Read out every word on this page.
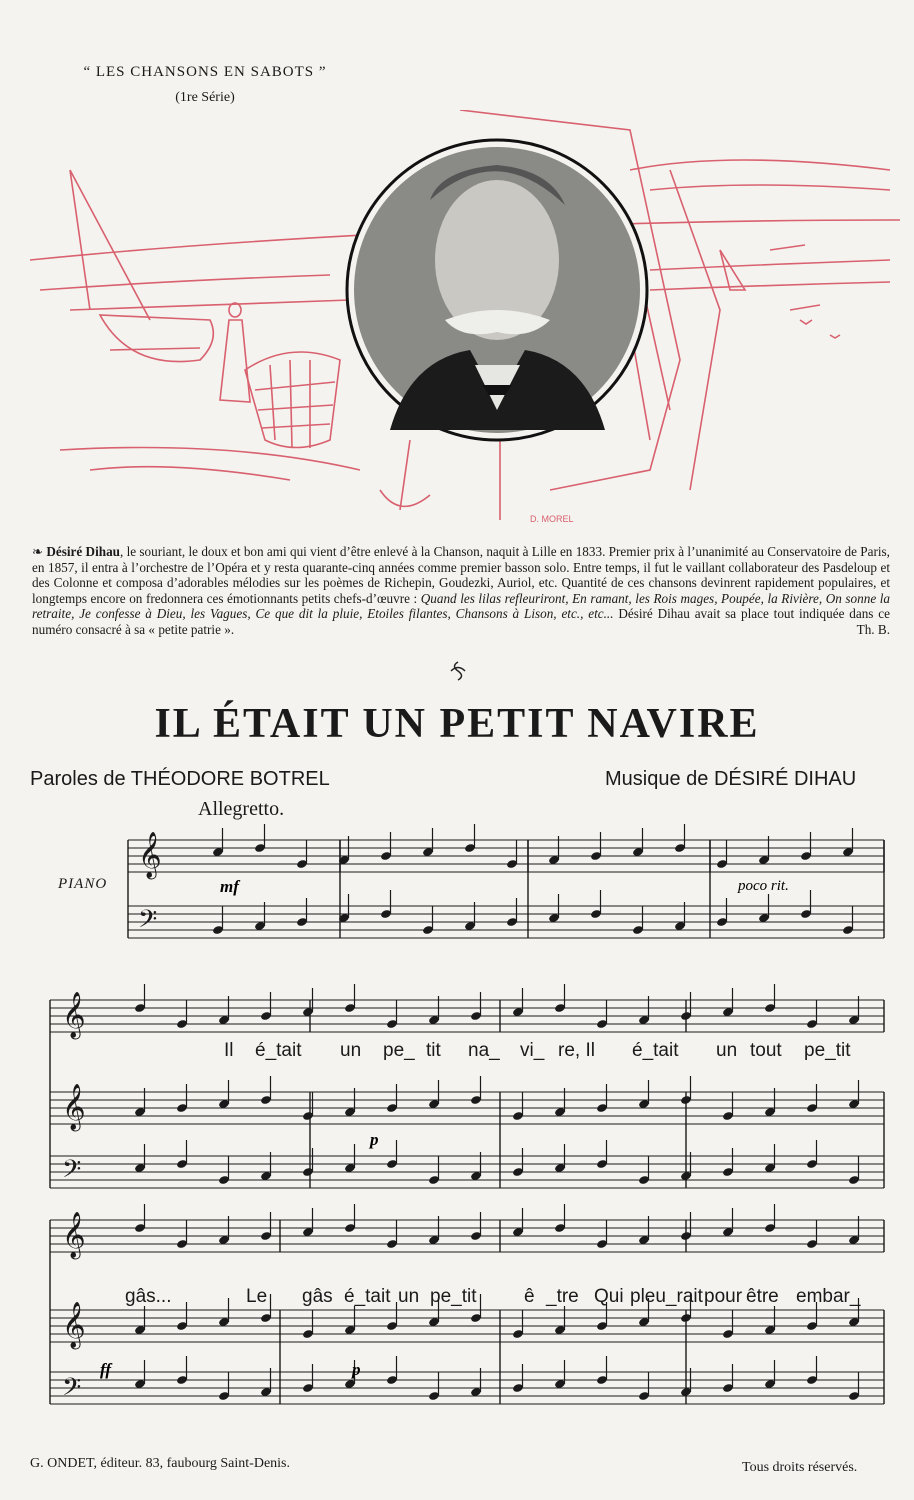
“ LES CHANSONS EN SABOTS ”
(1re Série)
D. MOREL
❧ Désiré Dihau, le souriant, le doux et bon ami qui vient d’être enlevé à la Chanson, naquit à Lille en 1833. Premier prix à l’unanimité au Conservatoire de Paris, en 1857, il entra à l’orchestre de l’Opéra et y resta quarante-cinq années comme premier basson solo. Entre temps, il fut le vaillant collaborateur des Pasdeloup et des Colonne et composa d’adorables mélodies sur les poèmes de Richepin, Goudezki, Auriol, etc. Quantité de ces chansons devinrent rapidement populaires, et longtemps encore on fredonnera ces émotionnants petits chefs-d’œuvre : Quand les lilas refleuriront, En ramant, les Rois mages, Poupée, la Rivière, On sonne la retraite, Je confesse à Dieu, les Vagues, Ce que dit la pluie, Etoiles filantes, Chansons à Lison, etc., etc... Désiré Dihau avait sa place tout indiquée dans ce numéro consacré à sa « petite patrie ».	Th. B.
IL ÉTAIT UN PETIT NAVIRE
Paroles de THÉODORE BOTREL	Musique de DÉSIRÉ DIHAU
Allegretto.
PIANO
𝄞
𝄢
𝄞
𝄞
𝄢
𝄞
𝄞
𝄢
mf	poco rit.
p
ff	p
Il é_tait un pe_ tit na_ vi_ re, Il é_tait un tout pe_tit
gâs...	Le gâs é_tait un pe_tit	ê _tre Qui pleu_rait pour être embar_
G. ONDET, éditeur. 83, faubourg Saint-Denis.	Tous droits réservés.
